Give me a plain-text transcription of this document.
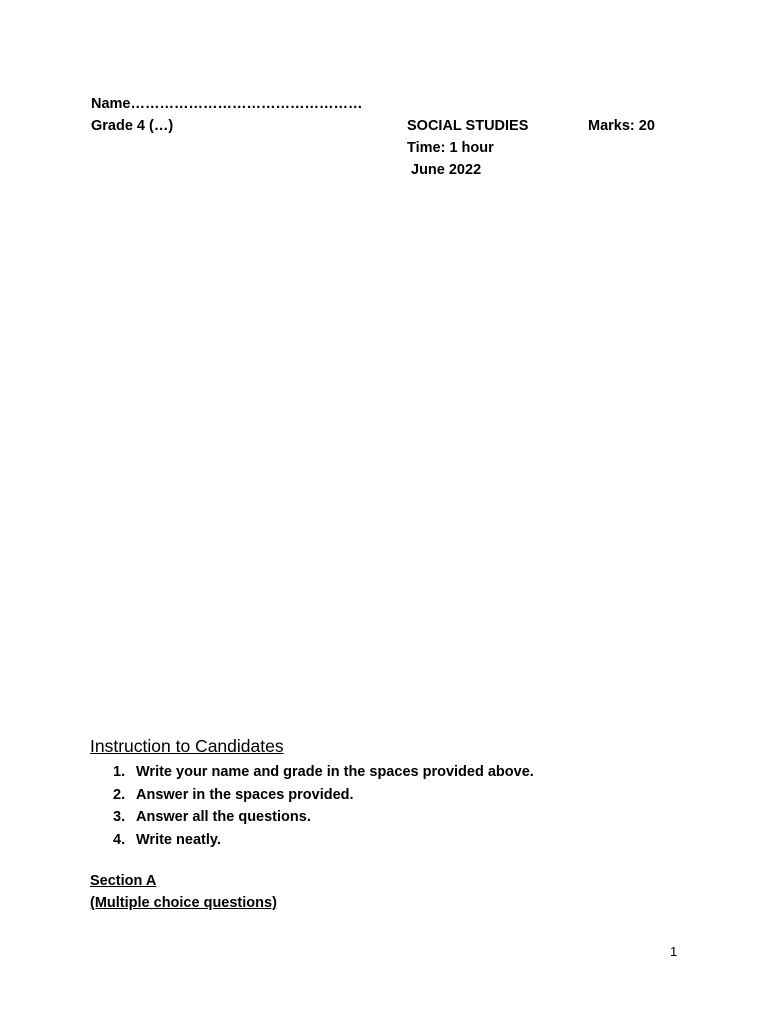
Name…………………………………………
Grade 4 (…)	SOCIAL STUDIES	Marks: 20
Time: 1 hour
June 2022
Instruction to Candidates
1. Write your name and grade in the spaces provided above.
2. Answer in the spaces provided.
3. Answer all the questions.
4. Write neatly.
Section A
(Multiple choice questions)
1
